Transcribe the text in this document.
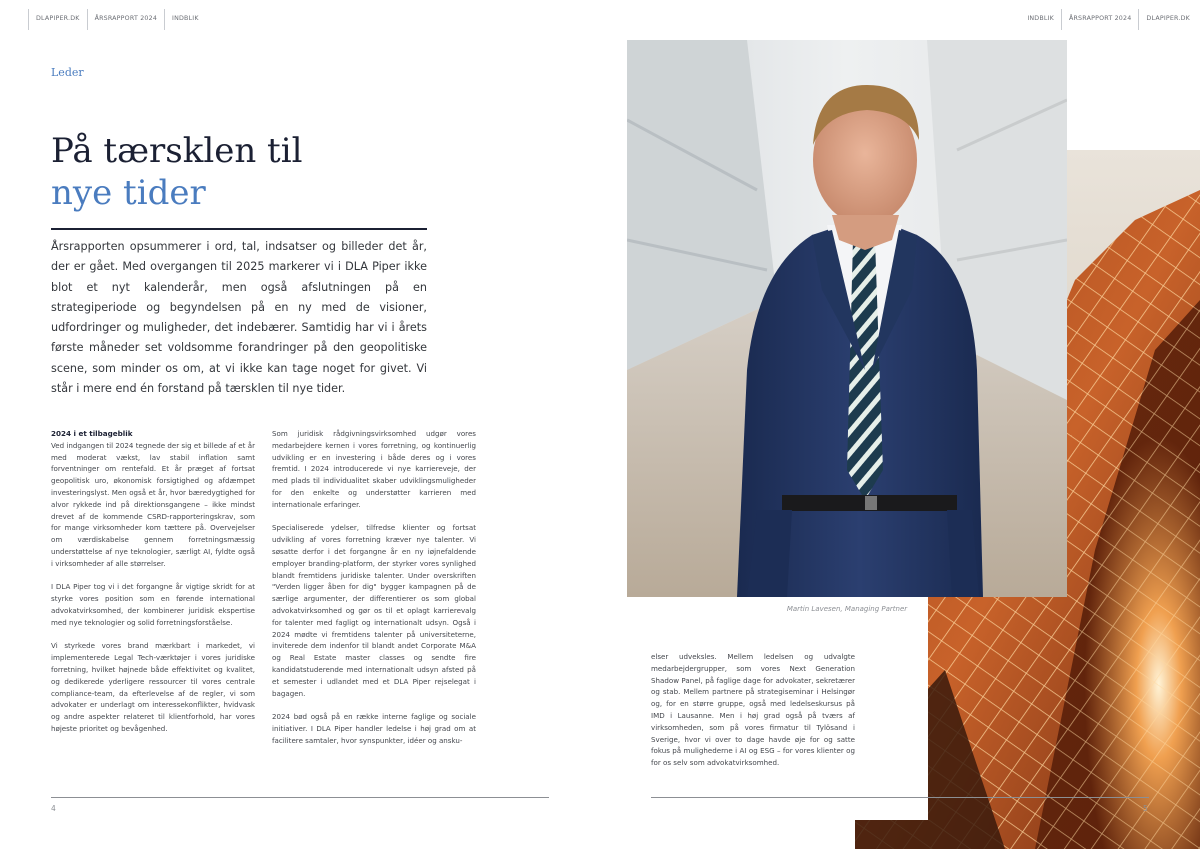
DLAPIPER.DK	ÅRSRAPPORT 2024	INDBLIK	INDBLIK	ÅRSRAPPORT 2024	DLAPIPER.DK
Martin Lavesen, Managing Partner
Leder
På tærsklen til
nye tider

Årsrapporten opsummerer i ord, tal, indsatser og billeder det år, der er gået. Med overgangen til 2025 markerer vi i DLA Piper ikke blot et nyt kalenderår, men også afslutningen på en strategiperiode og begyndelsen på en ny med de visioner, udfordringer og muligheder, det indebærer. Samtidig har vi i årets første måneder set voldsomme forandringer på den geopolitiske scene, som minder os om, at vi ikke kan tage noget for givet. Vi står i mere end én forstand på tærsklen til nye tider.

2024 i et tilbageblik

Ved indgangen til 2024 tegnede der sig et billede af et år med moderat vækst, lav stabil inflation samt forventninger om rentefald. Et år præget af fortsat geopolitisk uro, økonomisk forsigtighed og afdæmpet investeringslyst. Men også et år, hvor bæredygtighed for alvor rykkede ind på direktionsgangene – ikke mindst drevet af de kommende CSRD-rapporteringskrav, som for mange virksomheder kom tættere på. Overvejelser om værdiskabelse gennem forretningsmæssig understøttelse af nye teknologier, særligt AI, fyldte også i virksomheder af alle størrelser.

I DLA Piper tog vi i det forgangne år vigtige skridt for at styrke vores position som en førende international advokatvirksomhed, der kombinerer juridisk ekspertise med nye teknologier og solid forretningsforståelse.

Vi styrkede vores brand mærkbart i markedet, vi implementerede Legal Tech-værktøjer i vores juridiske forretning, hvilket højnede både effektivitet og kvalitet, og dedikerede yderligere ressourcer til vores centrale compliance-team, da efterlevelse af de regler, vi som advokater er underlagt om interessekonflikter, hvidvask og andre aspekter relateret til klientforhold, har vores højeste prioritet og bevågenhed.

Som juridisk rådgivningsvirksomhed udgør vores medarbejdere kernen i vores forretning, og kontinuerlig udvikling er en investering i både deres og i vores fremtid. I 2024 introducerede vi nye karriereveje, der med plads til individualitet skaber udviklingsmuligheder for den enkelte og understøtter karrieren med internationale erfaringer.

Specialiserede ydelser, tilfredse klienter og fortsat udvikling af vores forretning kræver nye talenter. Vi søsatte derfor i det forgangne år en ny iøjnefaldende employer branding-platform, der styrker vores synlighed blandt fremtidens juridiske talenter. Under overskriften "Verden ligger åben for dig" bygger kampagnen på de særlige argumenter, der differentierer os som global advokatvirksomhed og gør os til et oplagt karrierevalg for talenter med fagligt og internationalt udsyn. Også i 2024 mødte vi fremtidens talenter på universiteterne, inviterede dem indenfor til blandt andet Corporate M&A og Real Estate master classes og sendte fire kandidatstuderende med internationalt udsyn afsted på et semester i udlandet med et DLA Piper rejselegat i bagagen.

2024 bød også på en række interne faglige og sociale initiativer. I DLA Piper handler ledelse i høj grad om at facilitere samtaler, hvor synspunkter, idéer og ansku-

elser udveksles. Mellem ledelsen og udvalgte medarbejdergrupper, som vores Next Generation Shadow Panel, på faglige dage for advokater, sekretærer og stab. Mellem partnere på strategiseminar i Helsingør og, for en større gruppe, også med ledelseskursus på IMD i Lausanne. Men i høj grad også på tværs af virksomheden, som på vores firmatur til Tylösand i Sverige, hvor vi over to dage havde øje for og satte fokus på mulighederne i AI og ESG – for vores klienter og for os selv som advokatvirksomhed.

4	5
